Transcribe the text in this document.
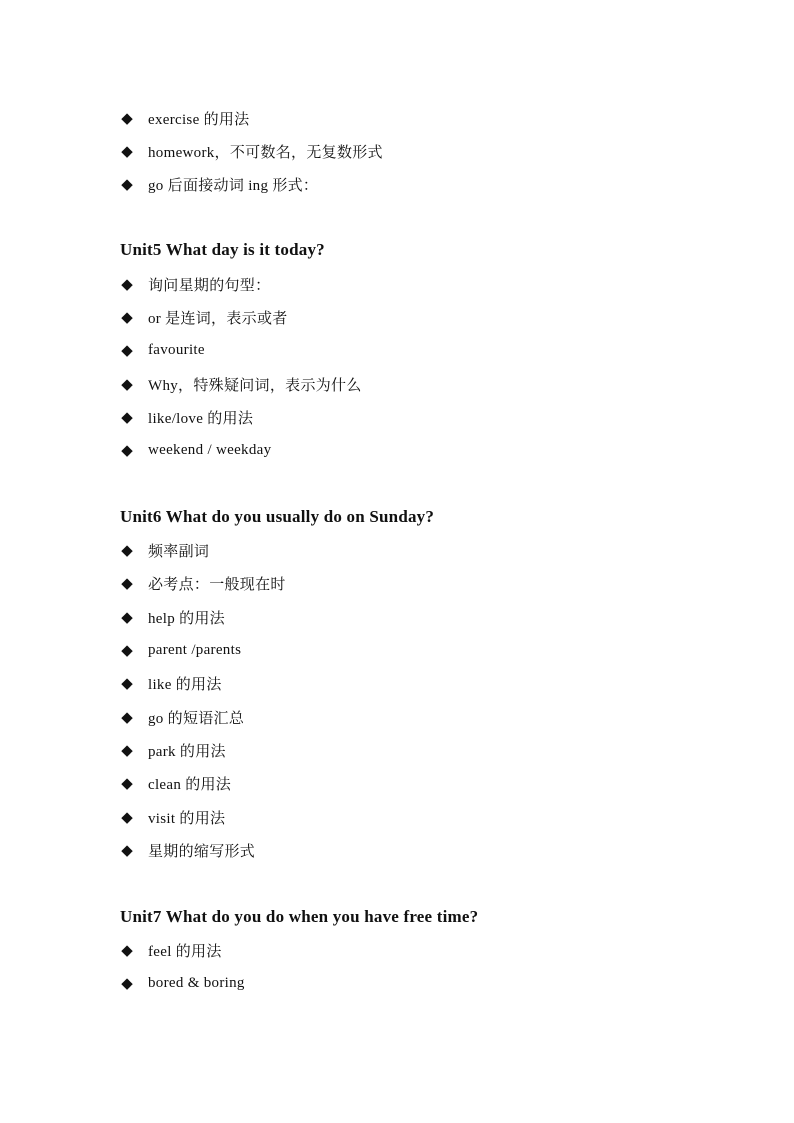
◆ exercise 的用法
◆ homework，不可数名，无复数形式
◆ go 后面接动词 ing 形式：
Unit5 What day is it today?
◆ 询问星期的句型：
◆ or 是连词，表示或者
◆ favourite
◆ Why，特殊疑问词，表示为什么
◆ like/love 的用法
◆ weekend / weekday
Unit6 What do you usually do on Sunday?
◆ 频率副词
◆ 必考点：一般现在时
◆ help 的用法
◆ parent /parents
◆ like 的用法
◆ go 的短语汇总
◆ park 的用法
◆ clean 的用法
◆ visit 的用法
◆ 星期的缩写形式
Unit7 What do you do when you have free time?
◆ feel 的用法
◆ bored & boring
